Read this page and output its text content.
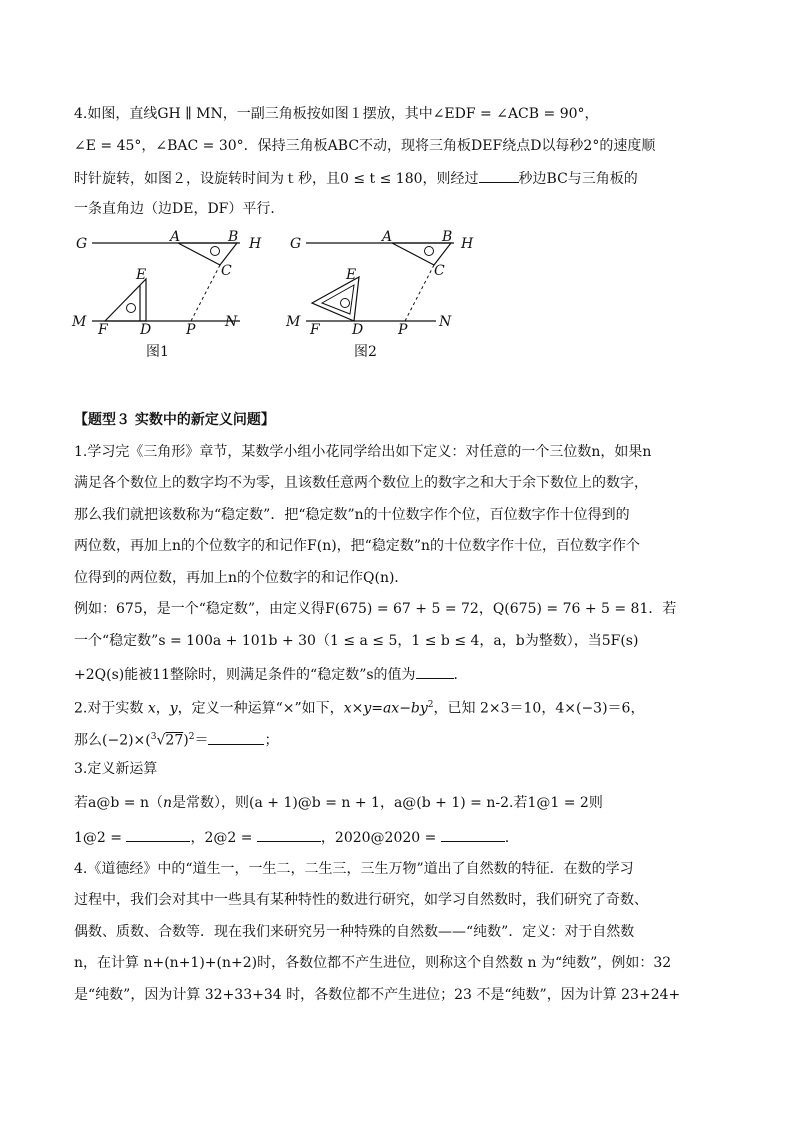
4.如图，直线GH ∥ MN，一副三角板按如图１摆放，其中∠EDF = ∠ACB = 90°，
∠E = 45°，∠BAC = 30°．保持三角板ABC不动，现将三角板DEF绕点D以每秒2°的速度顺
时针旋转，如图２，设旋转时间为ｔ秒，且0 ≤ t ≤ 180，则经过	秒边BC与三角板的
一条直角边（边DE，DF）平行．
G	A	B H
C
E
M F D P N
图1
G	A	B H
C
E
M F D P N
图2
【题型３ 实数中的新定义问题】
1.学习完《三角形》章节，某数学小组小花同学给出如下定义：对任意的一个三位数n，如果n
满足各个数位上的数字均不为零，且该数任意两个数位上的数字之和大于余下数位上的数字，
那么我们就把该数称为“稳定数”．把“稳定数”n的十位数字作个位，百位数字作十位得到的
两位数，再加上n的个位数字的和记作F(n)，把“稳定数”n的十位数字作十位，百位数字作个
位得到的两位数，再加上n的个位数字的和记作Q(n)．
例如：675，是一个“稳定数”，由定义得F(675) = 67 + 5 = 72，Q(675) = 76 + 5 = 81．若
一个“稳定数”s = 100a + 101b + 30（1 ≤ a ≤ 5，1 ≤ b ≤ 4，a，b为整数），当5F(s)
+2Q(s)能被11整除时，则满足条件的“稳定数”s的值为	．
2.对于实数 x，y，定义一种运算“×”如下，$x\times y=ax-by^2$，已知 2×3＝10，4×(−3)＝6，
那么$(-2)\times(^3√27)^2=$	；
3.定义新运算
若a@b = n（n是常数），则(a + 1)@b = n + 1，a@(b + 1) = n-2.若1@1 = 2则
1@2 =	，2@2 =	，2020@2020 =	.
4.《道德经》中的“道生一，一生二，二生三，三生万物”道出了自然数的特征．在数的学习
过程中，我们会对其中一些具有某种特性的数进行研究，如学习自然数时，我们研究了奇数、
偶数、质数、合数等．现在我们来研究另一种特殊的自然数——“纯数”．定义：对于自然数
n，在计算 n+(n+1)+(n+2)时，各数位都不产生进位，则称这个自然数 n 为“纯数”，例如：32
是“纯数”，因为计算 32+33+34 时，各数位都不产生进位；23 不是“纯数”，因为计算 23+24+
